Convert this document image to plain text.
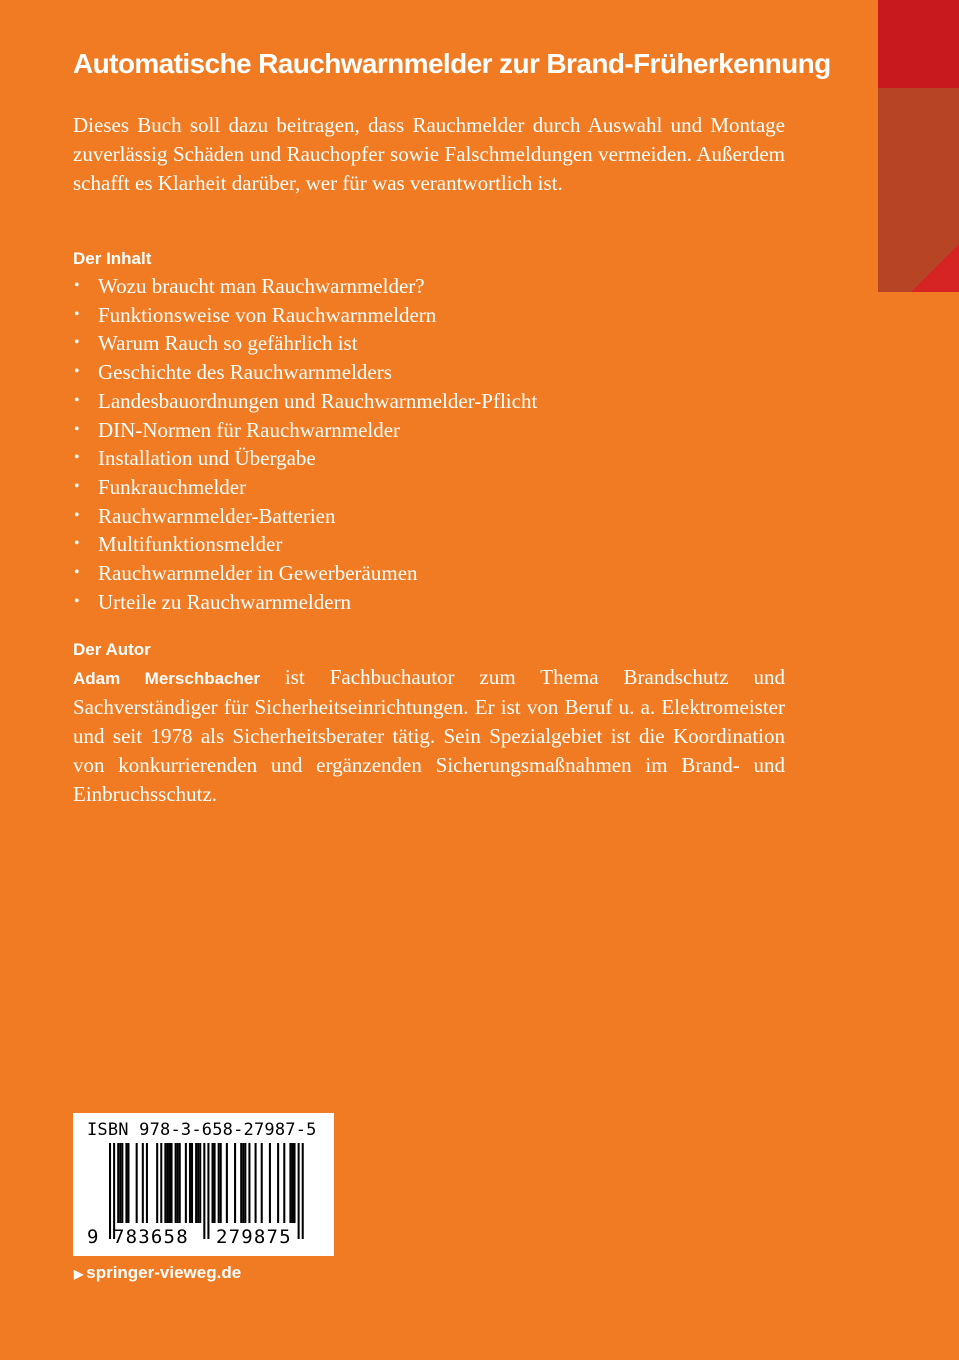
Automatische Rauchwarnmelder zur Brand-Früherkennung

Dieses Buch soll dazu beitragen, dass Rauchmelder durch Auswahl und Montage zuverlässig Schäden und Rauchopfer sowie Falschmeldungen vermeiden. Außerdem schafft es Klarheit darüber, wer für was verantwortlich ist.

Der Inhalt
• Wozu braucht man Rauchwarnmelder?
• Funktionsweise von Rauchwarnmeldern
• Warum Rauch so gefährlich ist
• Geschichte des Rauchwarnmelders
• Landesbauordnungen und Rauchwarnmelder-Pflicht
• DIN-Normen für Rauchwarnmelder
• Installation und Übergabe
• Funkrauchmelder
• Rauchwarnmelder-Batterien
• Multifunktionsmelder
• Rauchwarnmelder in Gewerberäumen
• Urteile zu Rauchwarnmeldern
Der Autor

Adam Merschbacher ist Fachbuchautor zum Thema Brandschutz und Sachverständiger für Sicherheitseinrichtungen. Er ist von Beruf u. a. Elektromeister und seit 1978 als Sicherheitsberater tätig. Sein Spezialgebiet ist die Koordination von konkurrierenden und ergänzenden Sicherungsmaßnahmen im Brand- und Einbruchsschutz.

ISBN 978-3-658-27987-5
9 783658 279875
▶ springer-vieweg.de
